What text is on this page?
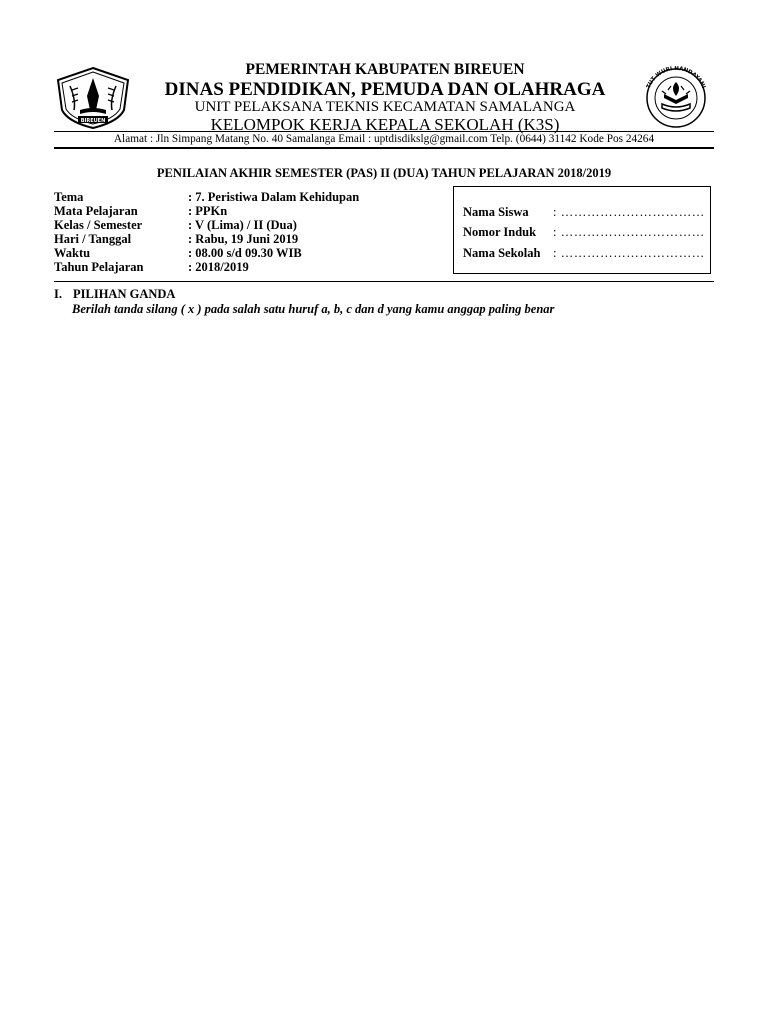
BIREUEN
TUT WURI HANDAYANI
PEMERINTAH KABUPATEN BIREUEN
DINAS PENDIDIKAN, PEMUDA DAN OLAHRAGA
UNIT PELAKSANA TEKNIS KECAMATAN SAMALANGA
KELOMPOK KERJA KEPALA SEKOLAH (K3S)
Alamat : Jln Simpang Matang No. 40 Samalanga Email : uptdisdikslg@gmail.com Telp. (0644) 31142 Kode Pos 24264
PENILAIAN AKHIR SEMESTER (PAS) II (DUA) TAHUN PELAJARAN 2018/2019
Tema	: 7. Peristiwa Dalam Kehidupan
Mata Pelajaran	: PPKn
Kelas / Semester	: V (Lima) / II (Dua)
Hari / Tanggal	: Rabu, 19 Juni 2019
Waktu	: 08.00 s/d 09.30 WIB
Tahun Pelajaran	: 2018/2019
Nama Siswa : ……………………………
Nomor Induk : ……………………………
Nama Sekolah : ……………………………
I. PILIHAN GANDA
Berilah tanda silang ( x ) pada salah satu huruf a, b, c dan d yang kamu anggap paling benar
